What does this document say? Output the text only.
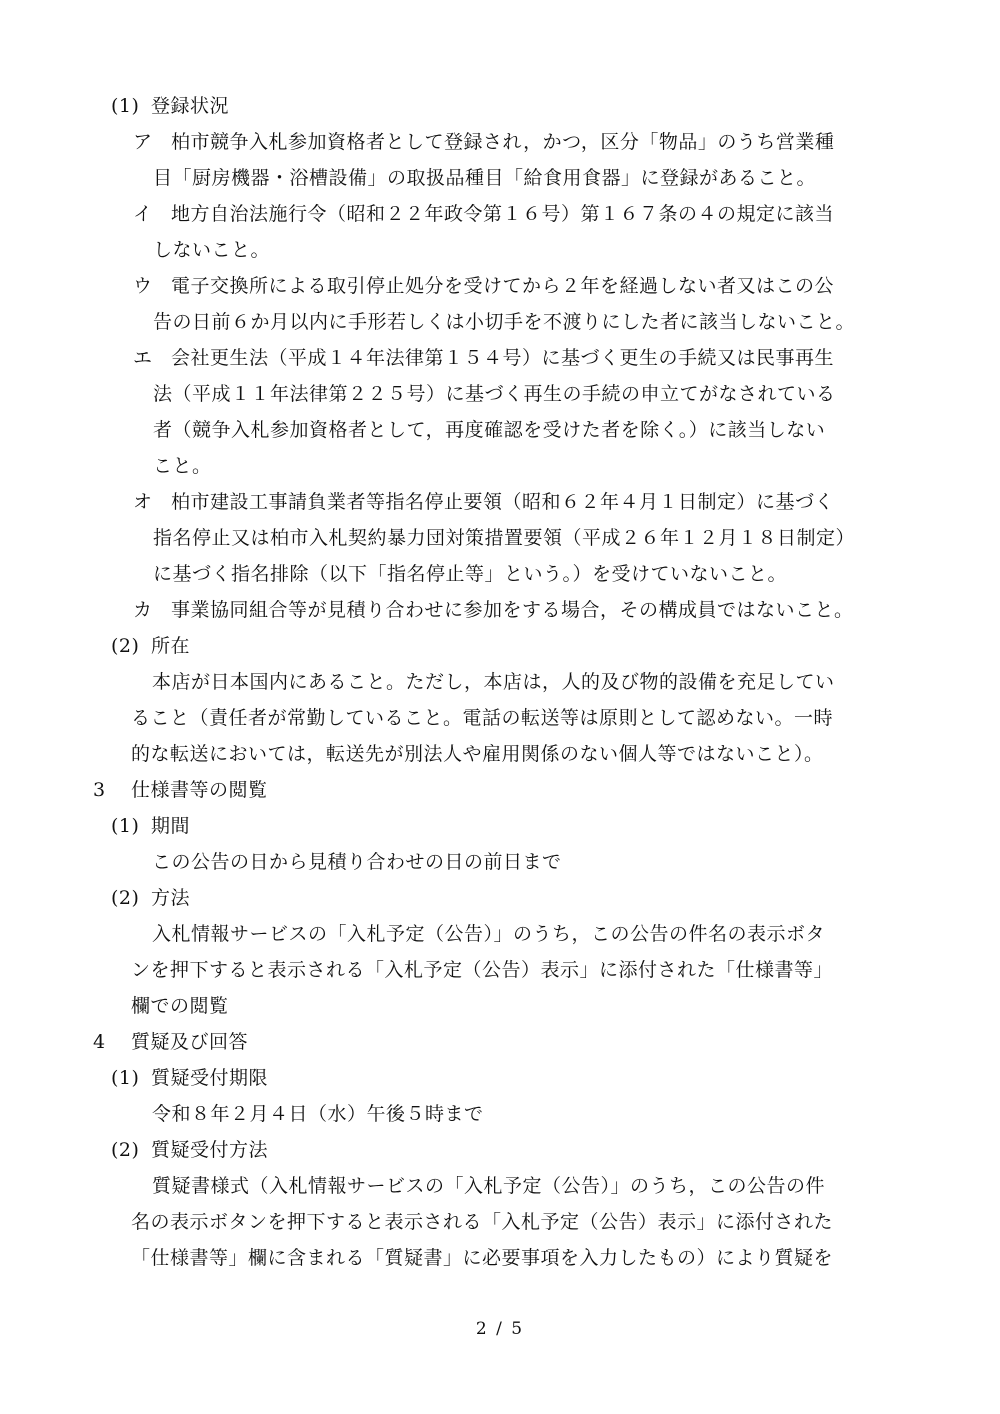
(1) 登録状況
ア 柏市競争入札参加資格者として登録され，かつ，区分「物品」のうち営業種
目「厨房機器・浴槽設備」の取扱品種目「給食用食器」に登録があること。
イ 地方自治法施行令（昭和２２年政令第１６号）第１６７条の４の規定に該当
しないこと。
ウ 電子交換所による取引停止処分を受けてから２年を経過しない者又はこの公
告の日前６か月以内に手形若しくは小切手を不渡りにした者に該当しないこと。
エ 会社更生法（平成１４年法律第１５４号）に基づく更生の手続又は民事再生
法（平成１１年法律第２２５号）に基づく再生の手続の申立てがなされている
者（競争入札参加資格者として，再度確認を受けた者を除く。）に該当しない
こと。
オ 柏市建設工事請負業者等指名停止要領（昭和６２年４月１日制定）に基づく
指名停止又は柏市入札契約暴力団対策措置要領（平成２６年１２月１８日制定）
に基づく指名排除（以下「指名停止等」という。）を受けていないこと。
カ 事業協同組合等が見積り合わせに参加をする場合，その構成員ではないこと。
(2) 所在
本店が日本国内にあること。ただし，本店は，人的及び物的設備を充足してい
ること（責任者が常勤していること。電話の転送等は原則として認めない。一時
的な転送においては，転送先が別法人や雇用関係のない個人等ではないこと）。
3 仕様書等の閲覧
(1) 期間
この公告の日から見積り合わせの日の前日まで
(2) 方法
入札情報サービスの「入札予定（公告）」のうち，この公告の件名の表示ボタ
ンを押下すると表示される「入札予定（公告）表示」に添付された「仕様書等」
欄での閲覧
4 質疑及び回答
(1) 質疑受付期限
令和８年２月４日（水）午後５時まで
(2) 質疑受付方法
質疑書様式（入札情報サービスの「入札予定（公告）」のうち，この公告の件
名の表示ボタンを押下すると表示される「入札予定（公告）表示」に添付された
「仕様書等」欄に含まれる「質疑書」に必要事項を入力したもの）により質疑を
2 / 5
